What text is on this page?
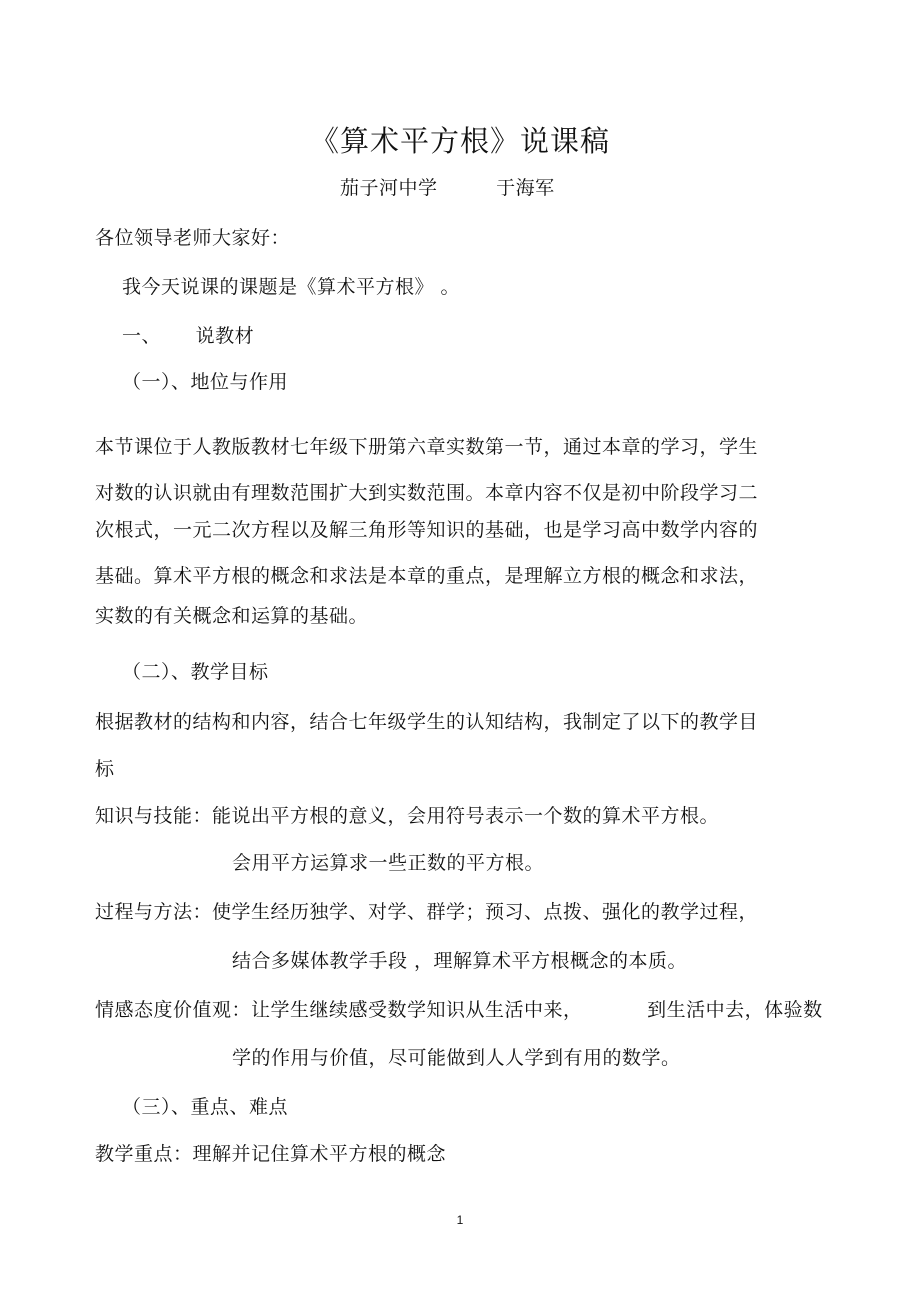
《算术平方根》说课稿
茄子河中学	于海军
各位领导老师大家好：
我今天说课的课题是《算术平方根》 。
一、 说教材
（一）、地位与作用
本节课位于人教版教材七年级下册第六章实数第一节，通过本章的学习，学生
对数的认识就由有理数范围扩大到实数范围。本章内容不仅是初中阶段学习二
次根式，一元二次方程以及解三角形等知识的基础，也是学习高中数学内容的
基础。算术平方根的概念和求法是本章的重点，是理解立方根的概念和求法，
实数的有关概念和运算的基础。
（二）、教学目标
根据教材的结构和内容，结合七年级学生的认知结构，我制定了以下的教学目
标
知识与技能：能说出平方根的意义，会用符号表示一个数的算术平方根。
会用平方运算求一些正数的平方根。
过程与方法：使学生经历独学、对学、群学；预习、点拨、强化的教学过程，
结合多媒体教学手段 ，理解算术平方根概念的本质。
情感态度价值观：让学生继续感受数学知识从生活中来，	到生活中去，体验数
学的作用与价值，尽可能做到人人学到有用的数学。
（三）、重点、难点
教学重点：理解并记住算术平方根的概念
1
